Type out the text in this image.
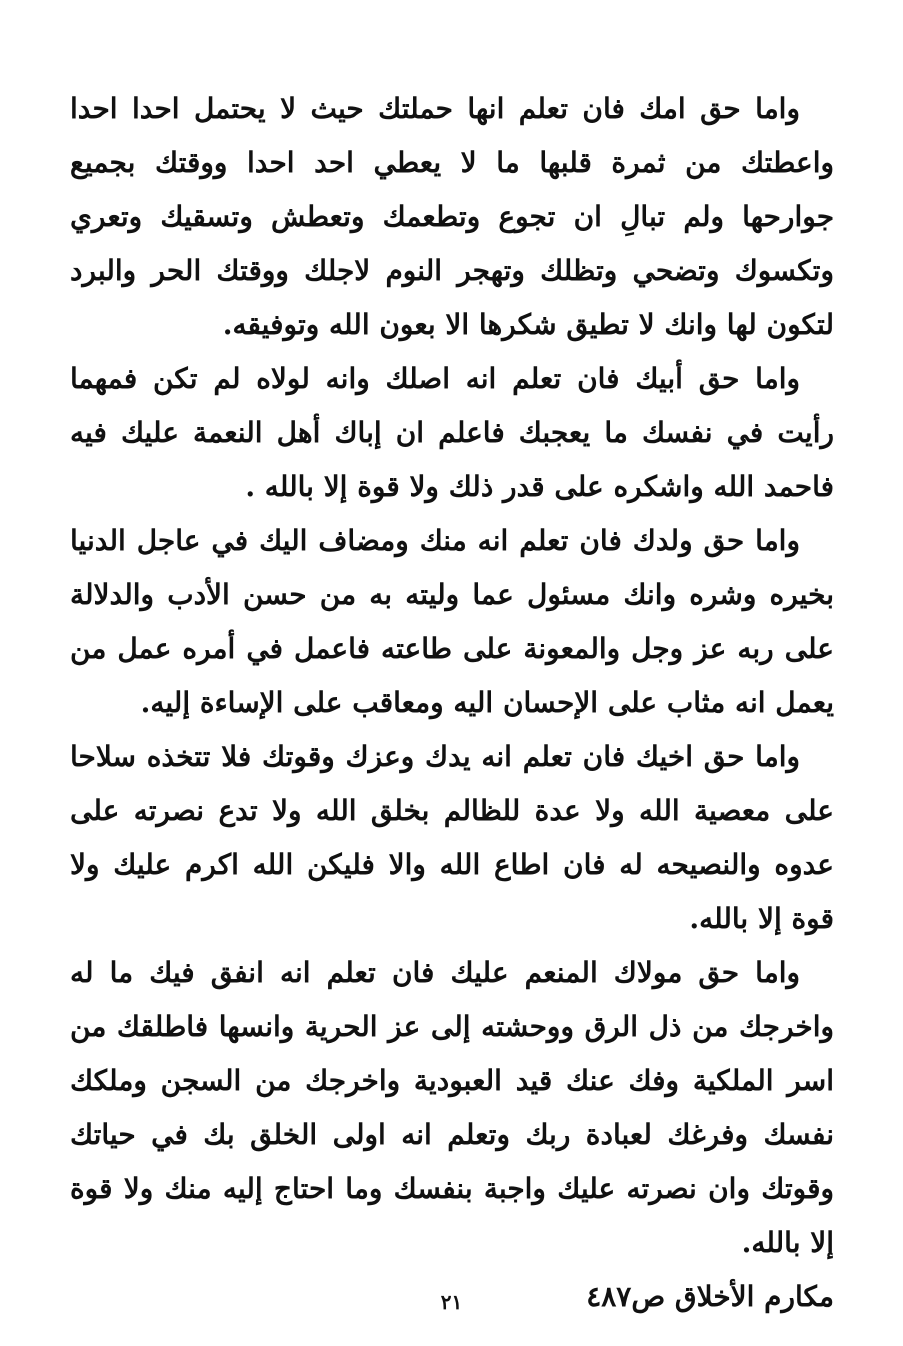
واما حق امك فان تعلم انها حملتك حيث لا يحتمل احدا احدا واعطتك من ثمرة قلبها ما لا يعطي احد احدا ووقتك بجميع جوارحها ولم تبالِ ان تجوع وتطعمك وتعطش وتسقيك وتعري وتكسوك وتضحي وتظلك وتهجر النوم لاجلك ووقتك الحر والبرد لتكون لها وانك لا تطيق شكرها الا بعون الله وتوفيقه.

واما حق أبيك فان تعلم انه اصلك وانه لولاه لم تكن فمهما رأيت في نفسك ما يعجبك فاعلم ان إباك أهل النعمة عليك فيه فاحمد الله واشكره على قدر ذلك ولا قوة إلا بالله .

واما حق ولدك فان تعلم انه منك ومضاف اليك في عاجل الدنيا بخيره وشره وانك مسئول عما وليته به من حسن الأدب والدلالة على ربه عز وجل والمعونة على طاعته فاعمل في أمره عمل من يعمل انه مثاب على الإحسان اليه ومعاقب على الإساءة إليه.

واما حق اخيك فان تعلم انه يدك وعزك وقوتك فلا تتخذه سلاحا على معصية الله ولا عدة للظالم بخلق الله ولا تدع نصرته على عدوه والنصيحه له فان اطاع الله والا فليكن الله اكرم عليك ولا قوة إلا بالله.

واما حق مولاك المنعم عليك فان تعلم انه انفق فيك ما له واخرجك من ذل الرق ووحشته إلى عز الحرية وانسها فاطلقك من اسر الملكية وفك عنك قيد العبودية واخرجك من السجن وملكك نفسك وفرغك لعبادة ربك وتعلم انه اولى الخلق بك في حياتك وقوتك وان نصرته عليك واجبة بنفسك وما احتاج إليه منك ولا قوة إلا بالله.

مكارم الأخلاق ص٤٨٧

٢١
